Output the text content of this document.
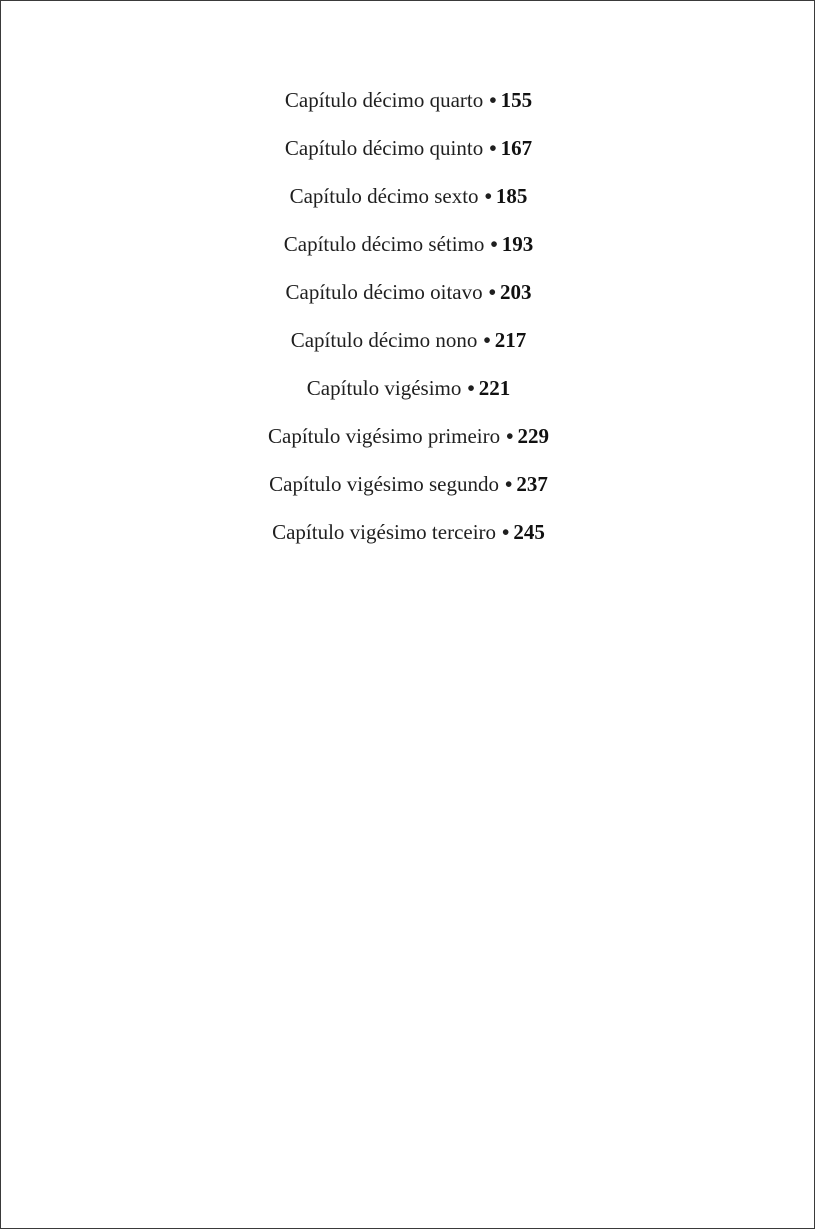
Capítulo décimo quarto • 155
Capítulo décimo quinto • 167
Capítulo décimo sexto • 185
Capítulo décimo sétimo • 193
Capítulo décimo oitavo • 203
Capítulo décimo nono • 217
Capítulo vigésimo • 221
Capítulo vigésimo primeiro • 229
Capítulo vigésimo segundo • 237
Capítulo vigésimo terceiro • 245
